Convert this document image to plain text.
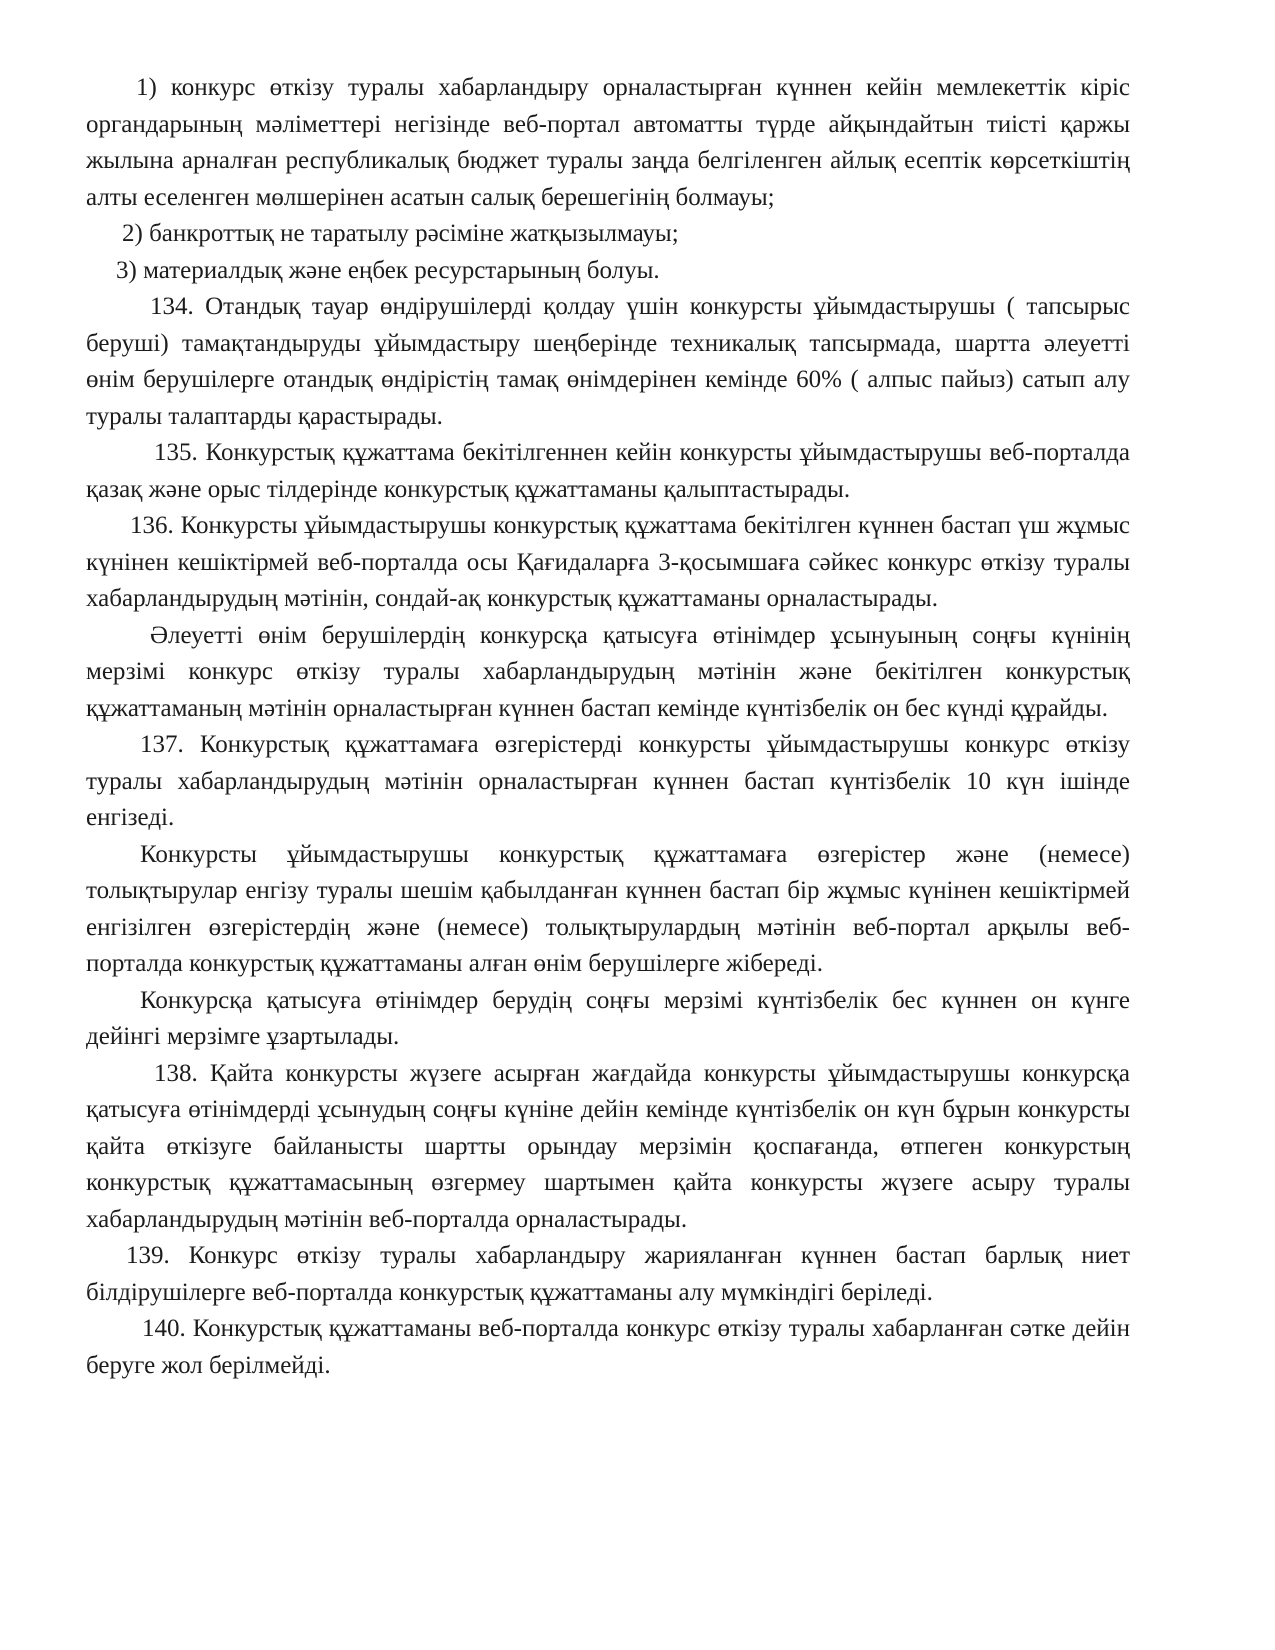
1) конкурс өткізу туралы хабарландыру орналастырған күннен кейін мемлекеттік кіріс органдарының мәліметтері негізінде веб-портал автоматты түрде айқындайтын тиісті қаржы жылына арналған республикалық бюджет туралы заңда белгіленген айлық есептік көрсеткіштің алты еселенген мөлшерінен асатын салық берешегінің болмауы;

2) банкроттық не таратылу рәсіміне жатқызылмауы;

3) материалдық және еңбек ресурстарының болуы.

134. Отандық тауар өндірушілерді қолдау үшін конкурсты ұйымдастырушы ( тапсырыс беруші) тамақтандыруды ұйымдастыру шеңберінде техникалық тапсырмада, шартта әлеуетті өнім берушілерге отандық өндірістің тамақ өнімдерінен кемінде 60% ( алпыс пайыз) сатып алу туралы талаптарды қарастырады.

135. Конкурстық құжаттама бекітілгеннен кейін конкурсты ұйымдастырушы веб-порталда қазақ және орыс тілдерінде конкурстық құжаттаманы қалыптастырады.

136. Конкурсты ұйымдастырушы конкурстық құжаттама бекітілген күннен бастап үш жұмыс күнінен кешіктірмей веб-порталда осы Қағидаларға 3-қосымшаға сәйкес конкурс өткізу туралы хабарландырудың мәтінін, сондай-ақ конкурстық құжаттаманы орналастырады.

Әлеуетті өнім берушілердің конкурсқа қатысуға өтінімдер ұсынуының соңғы күнінің мерзімі конкурс өткізу туралы хабарландырудың мәтінін және бекітілген конкурстық құжаттаманың мәтінін орналастырған күннен бастап кемінде күнтізбелік он бес күнді құрайды.

137. Конкурстық құжаттамаға өзгерістерді конкурсты ұйымдастырушы конкурс өткізу туралы хабарландырудың мәтінін орналастырған күннен бастап күнтізбелік 10 күн ішінде енгізеді.

Конкурсты ұйымдастырушы конкурстық құжаттамаға өзгерістер және (немесе) толықтырулар енгізу туралы шешім қабылданған күннен бастап бір жұмыс күнінен кешіктірмей енгізілген өзгерістердің және (немесе) толықтырулардың мәтінін веб-портал арқылы веб-порталда конкурстық құжаттаманы алған өнім берушілерге жібереді.

Конкурсқа қатысуға өтінімдер берудің соңғы мерзімі күнтізбелік бес күннен он күнге дейінгі мерзімге ұзартылады.

138. Қайта конкурсты жүзеге асырған жағдайда конкурсты ұйымдастырушы конкурсқа қатысуға өтінімдерді ұсынудың соңғы күніне дейін кемінде күнтізбелік он күн бұрын конкурсты қайта өткізуге байланысты шартты орындау мерзімін қоспағанда, өтпеген конкурстың конкурстық құжаттамасының өзгермеу шартымен қайта конкурсты жүзеге асыру туралы хабарландырудың мәтінін веб-порталда орналастырады.

139. Конкурс өткізу туралы хабарландыру жарияланған күннен бастап барлық ниет білдірушілерге веб-порталда конкурстық құжаттаманы алу мүмкіндігі беріледі.

140. Конкурстық құжаттаманы веб-порталда конкурс өткізу туралы хабарланған сәтке дейін беруге жол берілмейді.
